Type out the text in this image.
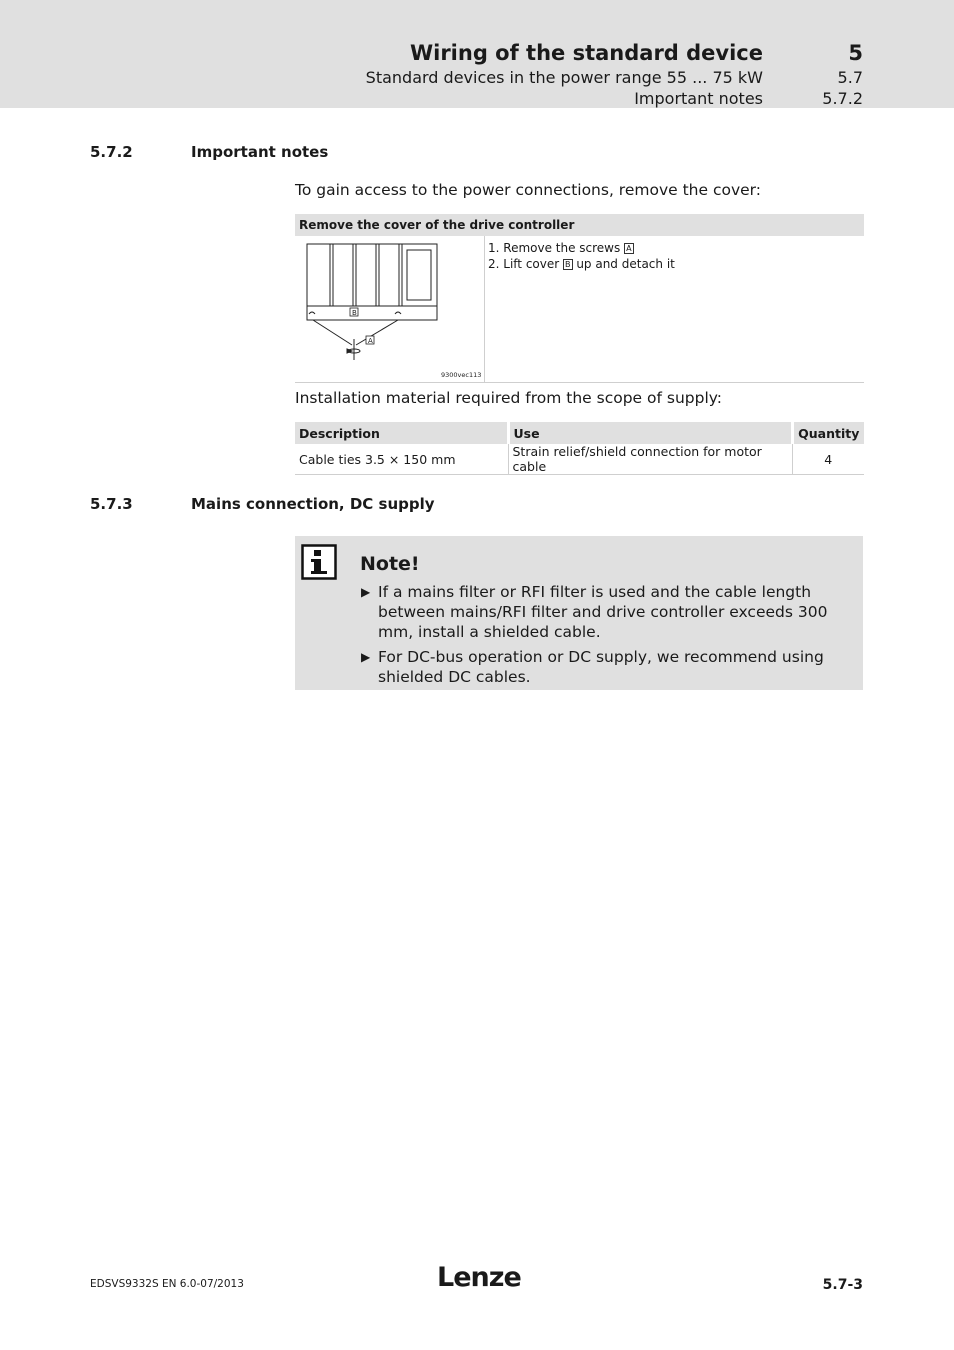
Wiring of the standard device	5
Standard devices in the power range 55 ... 75 kW	5.7
Important notes	5.7.2
5.7.2	Important notes
To gain access to the power connections, remove the cover:
Remove the cover of the drive controller
B
A
9300vec113
1. Remove the screws A
2. Lift cover B up and detach it
Installation material required from the scope of supply:
Description	Use	Quantity
Cable ties 3.5 × 150 mm	Strain relief/shield connection for motor cable	4
5.7.3	Mains connection, DC supply
Note!
▶ If a mains filter or RFI filter is used and the cable length between mains/RFI filter and drive controller exceeds 300 mm, install a shielded cable.
▶ For DC-bus operation or DC supply, we recommend using shielded DC cables.
EDSVS9332S EN 6.0-07/2013	Lenze	5.7-3
